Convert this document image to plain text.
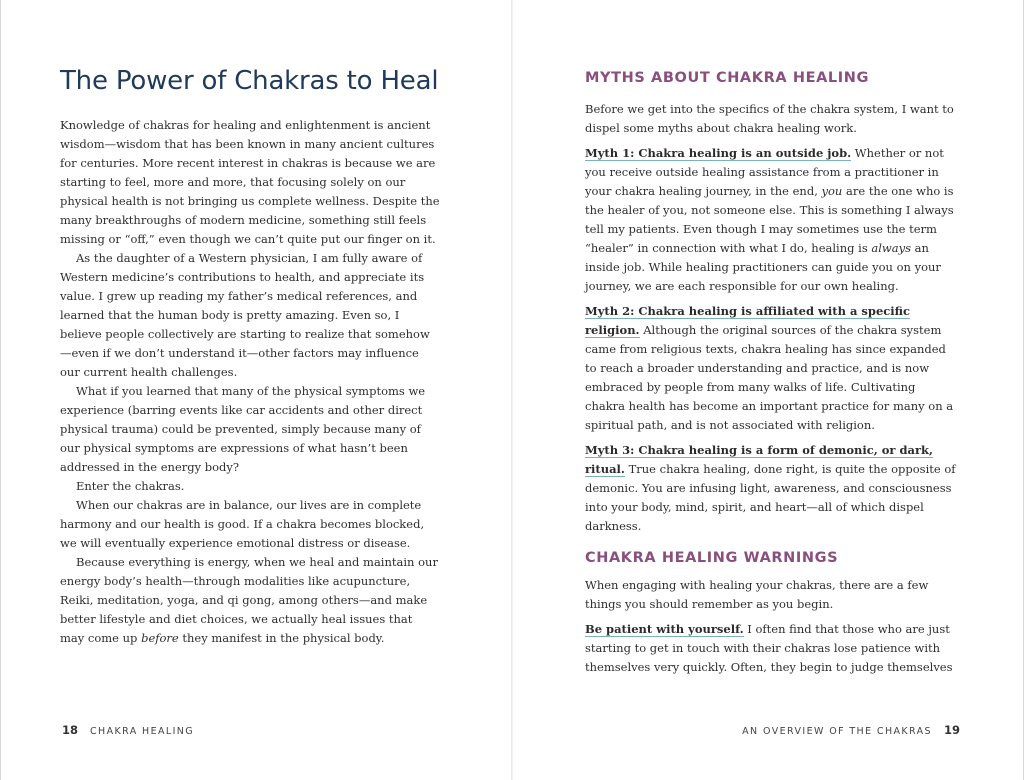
The Power of Chakras to Heal

Knowledge of chakras for healing and enlightenment is ancient wisdom—wisdom that has been known in many ancient cultures for centuries. More recent interest in chakras is because we are starting to feel, more and more, that focusing solely on our physical health is not bringing us complete wellness. Despite the many breakthroughs of modern medicine, something still feels missing or “off,” even though we can’t quite put our finger on it.

As the daughter of a Western physician, I am fully aware of Western medicine’s contributions to health, and appreciate its value. I grew up reading my father’s medical references, and learned that the human body is pretty amazing. Even so, I believe people collectively are starting to realize that somehow—even if we don’t understand it—other factors may influence our current health challenges.

What if you learned that many of the physical symptoms we experience (barring events like car accidents and other direct physical trauma) could be prevented, simply because many of our physical symptoms are expressions of what hasn’t been addressed in the energy body?

Enter the chakras.

When our chakras are in balance, our lives are in complete harmony and our health is good. If a chakra becomes blocked, we will eventually experience emotional distress or disease.

Because everything is energy, when we heal and maintain our energy body’s health—through modalities like acupuncture, Reiki, meditation, yoga, and qi gong, among others—and make better lifestyle and diet choices, we actually heal issues that may come up before they manifest in the physical body.

18 CHAKRA HEALING
MYTHS ABOUT CHAKRA HEALING

Before we get into the specifics of the chakra system, I want to dispel some myths about chakra healing work.

Myth 1: Chakra healing is an outside job. Whether or not you receive outside healing assistance from a practitioner in your chakra healing journey, in the end, you are the one who is the healer of you, not someone else. This is something I always tell my patients. Even though I may sometimes use the term “healer” in connection with what I do, healing is always an inside job. While healing practitioners can guide you on your journey, we are each responsible for our own healing.

Myth 2: Chakra healing is affiliated with a specific religion. Although the original sources of the chakra system came from religious texts, chakra healing has since expanded to reach a broader understanding and practice, and is now embraced by people from many walks of life. Cultivating chakra health has become an important practice for many on a spiritual path, and is not associated with religion.

Myth 3: Chakra healing is a form of demonic, or dark, ritual. True chakra healing, done right, is quite the opposite of demonic. You are infusing light, awareness, and consciousness into your body, mind, spirit, and heart—all of which dispel darkness.

CHAKRA HEALING WARNINGS

When engaging with healing your chakras, there are a few things you should remember as you begin.

Be patient with yourself. I often find that those who are just starting to get in touch with their chakras lose patience with themselves very quickly. Often, they begin to judge themselves

AN OVERVIEW OF THE CHAKRAS 19
